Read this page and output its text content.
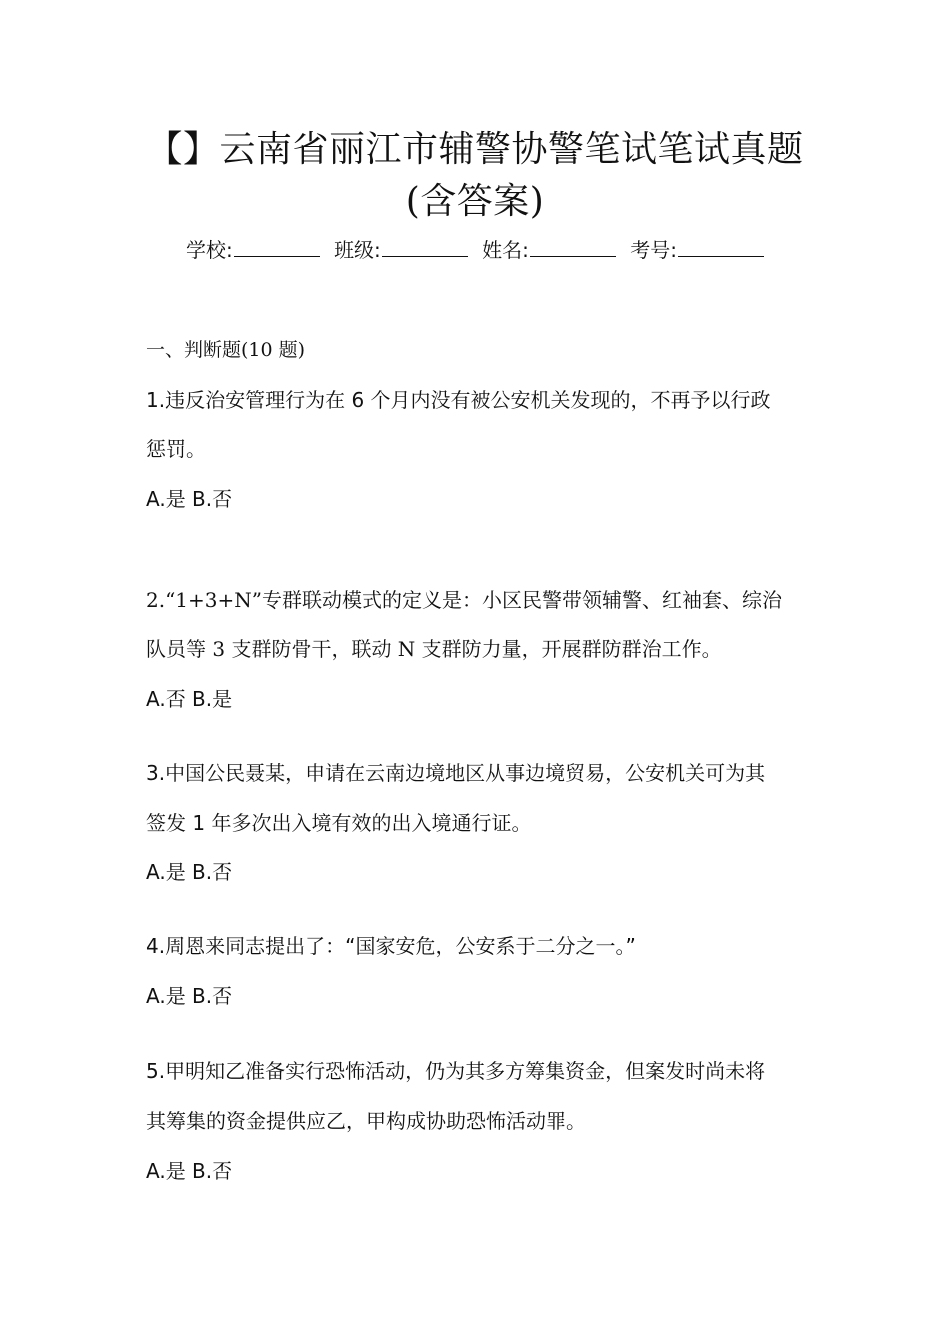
【】云南省丽江市辅警协警笔试笔试真题
(含答案)
学校:	班级:	姓名:	考号:
一、判断题(10 题)
1.违反治安管理行为在 6 个月内没有被公安机关发现的，不再予以行政
惩罚。
A.是 B.否
2.“1+3+N”专群联动模式的定义是：小区民警带领辅警、红袖套、综治
队员等 3 支群防骨干，联动 N 支群防力量，开展群防群治工作。
A.否 B.是
3.中国公民聂某，申请在云南边境地区从事边境贸易，公安机关可为其
签发 1 年多次出入境有效的出入境通行证。
A.是 B.否
4.周恩来同志提出了：“国家安危，公安系于二分之一。”
A.是 B.否
5.甲明知乙准备实行恐怖活动，仍为其多方筹集资金，但案发时尚未将
其筹集的资金提供应乙，甲构成协助恐怖活动罪。
A.是 B.否
